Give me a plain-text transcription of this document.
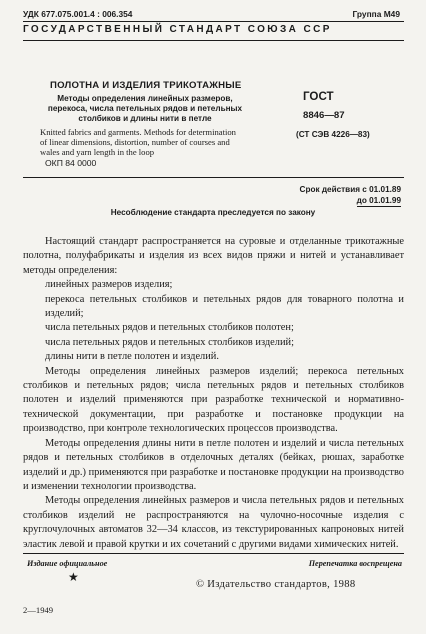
УДК 677.075.001.4 : 006.354	Группа М49
ГОСУДАРСТВЕННЫЙ СТАНДАРТ СОЮЗА ССР
ПОЛОТНА И ИЗДЕЛИЯ ТРИКОТАЖНЫЕ
Методы определения линейных размеров, перекоса, числа петельных рядов и петельных столбиков и длины нити в петле
Knitted fabrics and garments. Methods for determination of linear dimensions, distortion, number of courses and wales and yarn length in the loop
ОКП 84 0000
ГОСТ
8846—87
(СТ СЭВ 4226—83)
Срок действия с 01.01.89
до 01.01.99
Несоблюдение стандарта преследуется по закону

Настоящий стандарт распространяется на суровые и отделанные трикотажные полотна, полуфабрикаты и изделия из всех видов пряжи и нитей и устанавливает методы определения:

линейных размеров изделия;

перекоса петельных столбиков и петельных рядов для товарного полотна и изделий;

числа петельных рядов и петельных столбиков полотен;

числа петельных рядов и петельных столбиков изделий;

длины нити в петле полотен и изделий.

Методы определения линейных размеров изделий; перекоса петельных столбиков и петельных рядов; числа петельных рядов и петельных столбиков полотен и изделий применяются при разработке технической и нормативно-технической документации, при разработке и постановке продукции на производство, при контроле технологических процессов производства.

Методы определения длины нити в петле полотен и изделий и числа петельных рядов и петельных столбиков в отделочных деталях (бейках, рюшах, заработке изделий и др.) применяются при разработке и постановке продукции на производство и изменении технологии производства.

Методы определения линейных размеров и числа петельных рядов и петельных столбиков изделий не распространяются на чулочно-носочные изделия с круглочулочных автоматов 32—34 классов, из текстурированных капроновых нитей эластик левой и правой крутки и их сочетаний с другими видами химических нитей.

Издание официальное	Перепечатка воспрещена
★
© Издательство стандартов, 1988
2—1949
